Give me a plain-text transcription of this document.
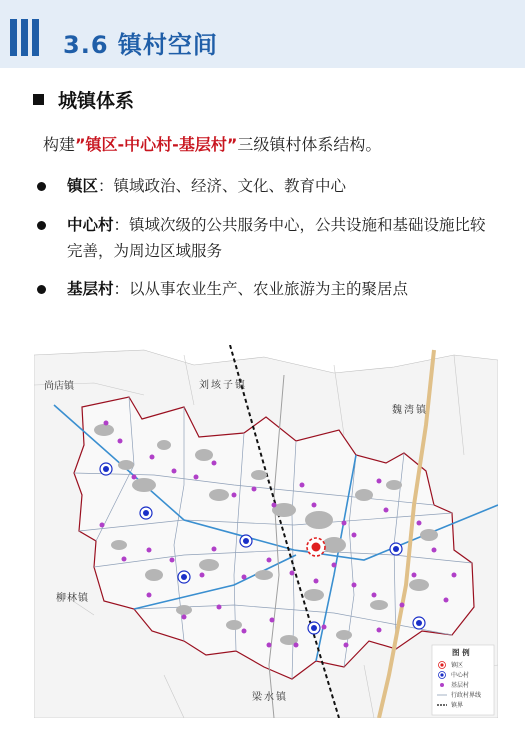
3.6 镇村空间
城镇体系
构建”镇区-中心村-基层村”三级镇村体系结构。
镇区：镇域政治、经济、文化、教育中心
中心村：镇域次级的公共服务中心，公共设施和基础设施比较完善，为周边区域服务
基层村：以从事农业生产、农业旅游为主的聚居点
尚店镇	刘垓子镇
魏湾镇
柳林镇
梁水镇
图 例
镇区
中心村
基层村
行政村界线
镇界
